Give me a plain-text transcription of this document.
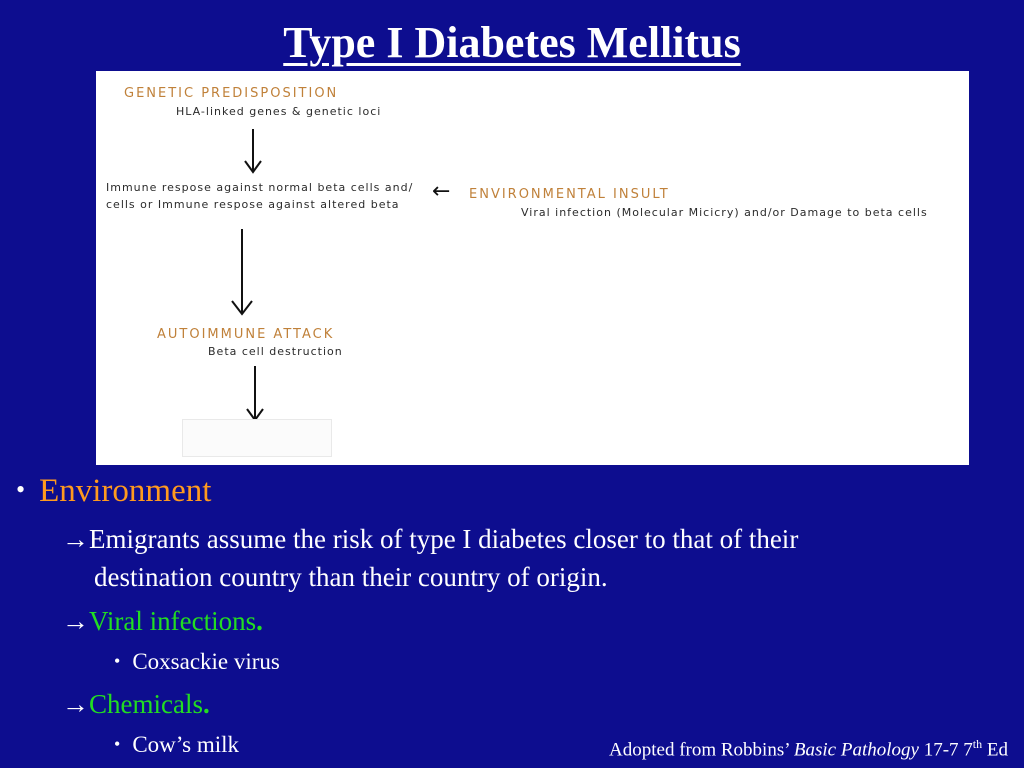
Type I Diabetes Mellitus
GENETIC PREDISPOSITION
HLA-linked genes & genetic loci
Immune respose against normal beta cells and/
cells or Immune respose against altered beta
← ENVIRONMENTAL INSULT
Viral infection (Molecular Micicry) and/or Damage to beta cells
AUTOIMMUNE ATTACK
Beta cell destruction
• Environment
→Emigrants assume the risk of type I diabetes closer to that of their
destination country than their country of origin.
→Viral infections.
• Coxsackie virus
→Chemicals.
• Cow’s milk	Adopted from Robbins’ Basic Pathology 17-7 7th Ed
